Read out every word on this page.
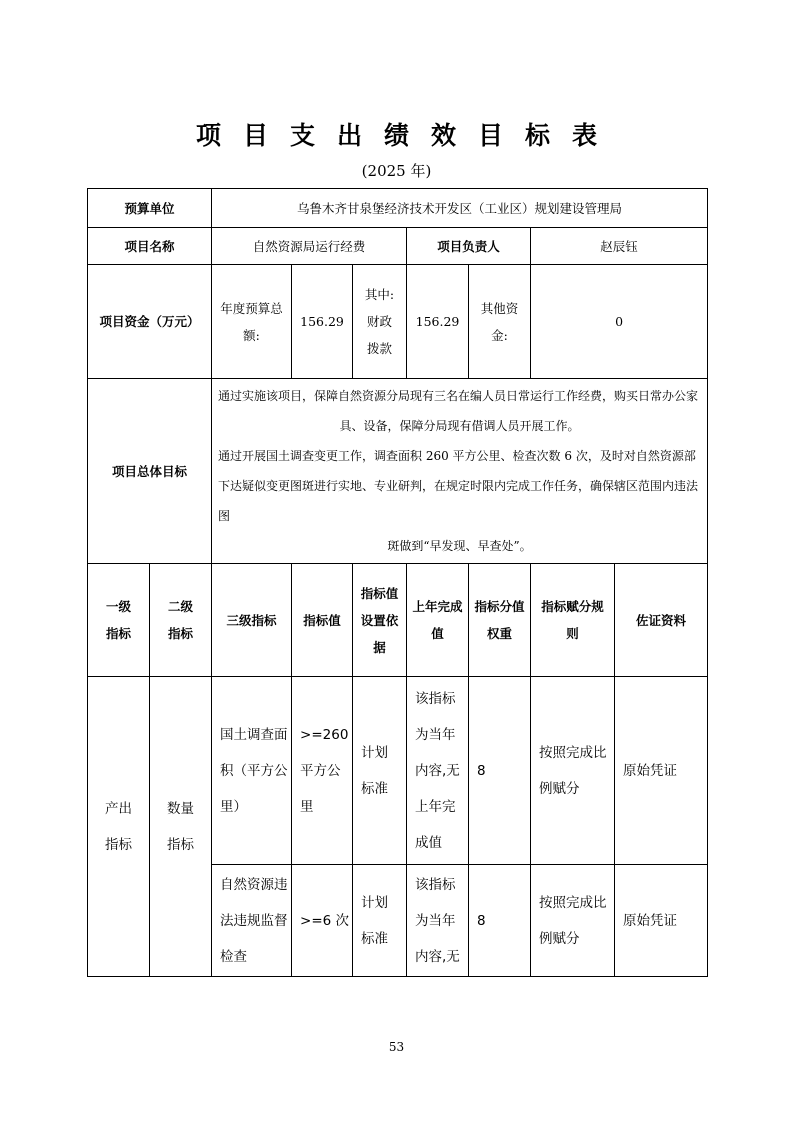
项目支出绩效目标表
(2025 年)
预算单位		乌鲁木齐甘泉堡经济技术开发区（工业区）规划建设管理局						
项目名称		自然资源局运行经费			项目负责人		赵辰钰	
项目资金（万元）		年度预算总额:	156.29	其中:财政拨款	156.29	其他资金:	0	
项目总体目标		通过实施该项目，保障自然资源分局现有三名在编人员日常运行工作经费，购买日常办公家

具、设备，保障分局现有借调人员开展工作。

通过开展国土调查变更工作，调查面积 260 平方公里、检查次数 6 次，及时对自然资源部下达疑似变更图斑进行实地、专业研判，在规定时限内完成工作任务，确保辖区范围内违法图

斑做到“早发现、早查处”。						

一级指标	二级指标	三级指标	指标值	指标值设置依据	上年完成值	指标分值权重	指标赋分规则	佐证资料
产出指标	数量指标	国土调查面积（平方公里）	>=260 平方公里	计划标准	该指标为当年内容,无上年完成值	8	按照完成比例赋分	原始凭证
		自然资源违法违规监督检查	>=6 次	计划标准	该指标为当年内容,无	8	按照完成比例赋分	原始凭证
53
